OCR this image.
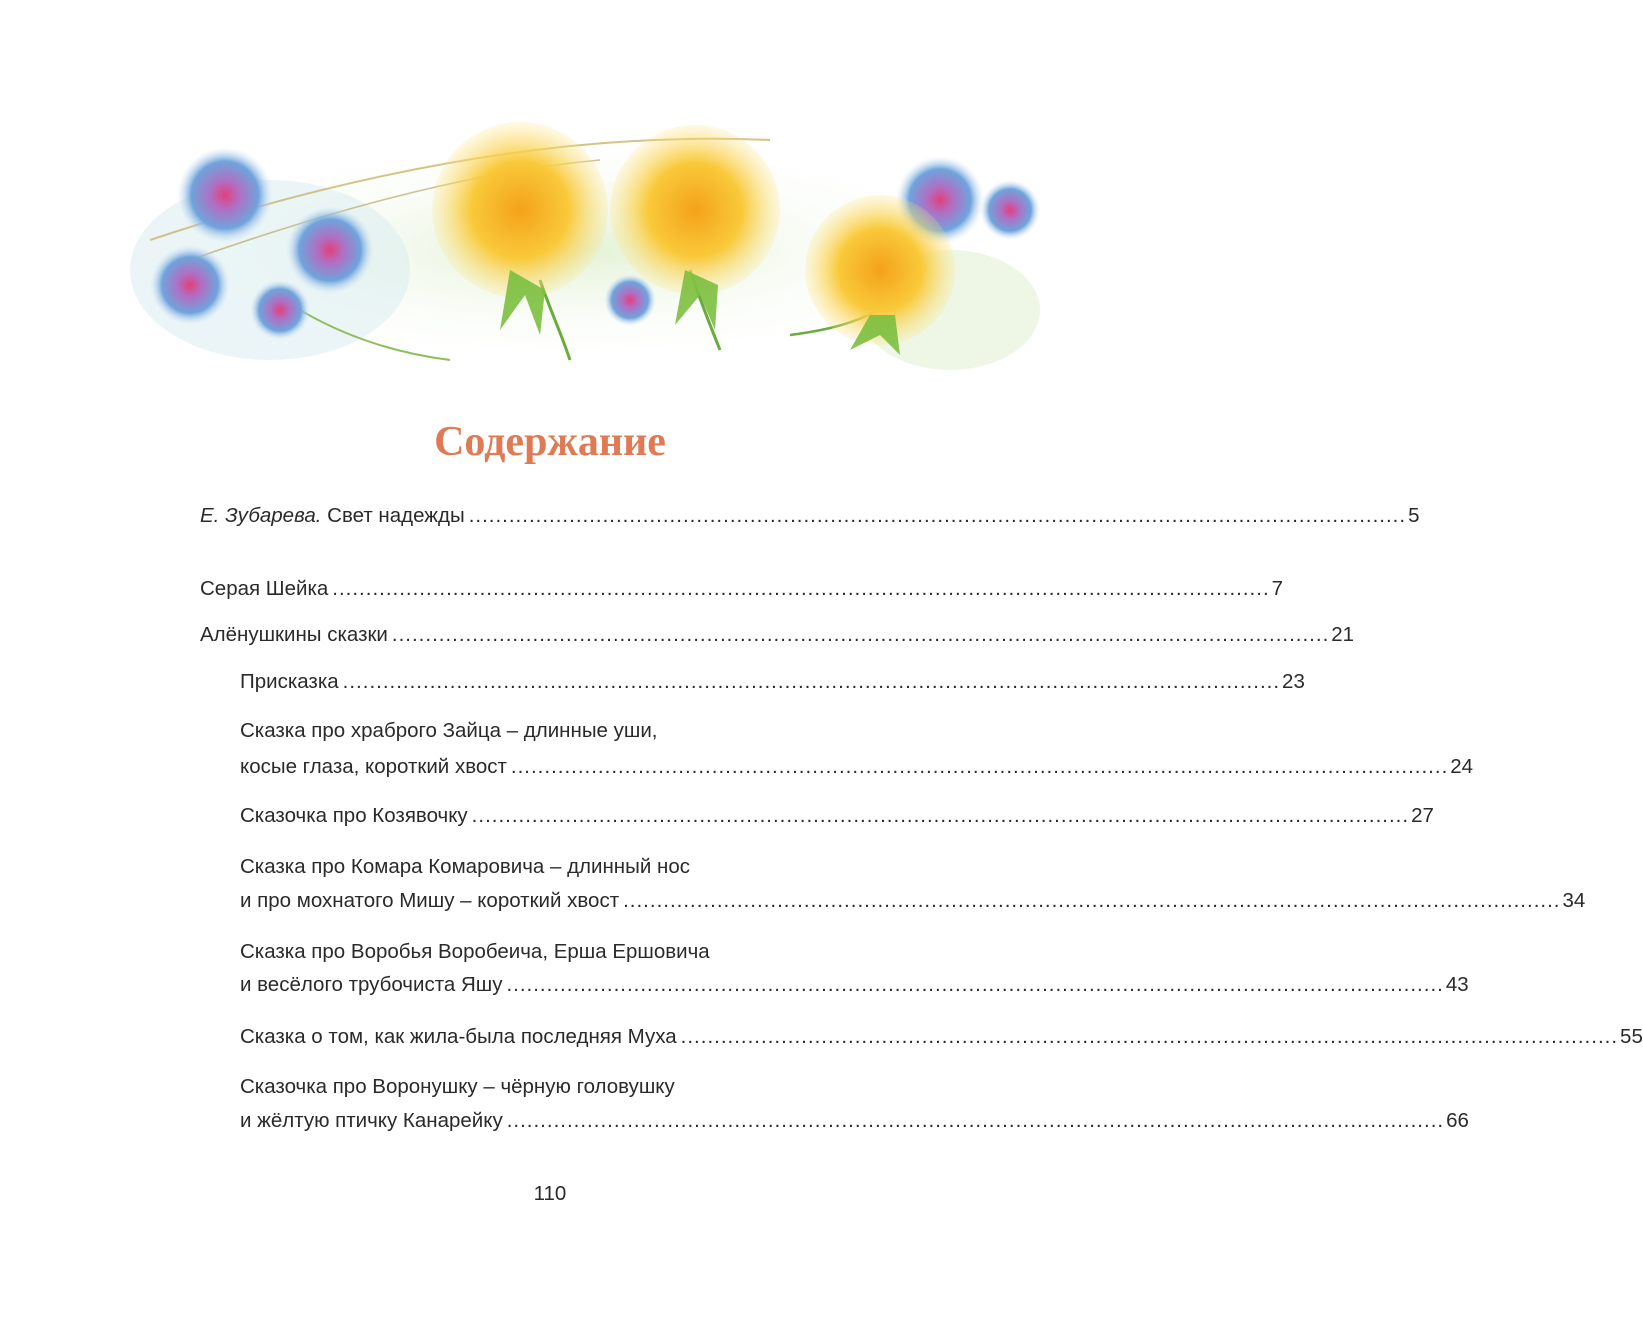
Содержание
Е. Зубарева. Свет надежды ............................................................................................................................................ 5
Серая Шейка ............................................................................................................................................ 7
Алёнушкины сказки ............................................................................................................................................ 21
Присказка ............................................................................................................................................ 23
Сказка про храброго Зайца – длинные уши,
косые глаза, короткий хвост ............................................................................................................................................ 24
Сказочка про Козявочку ............................................................................................................................................ 27
Сказка про Комара Комаровича – длинный нос
и про мохнатого Мишу – короткий хвост ............................................................................................................................................ 34
Сказка про Воробья Воробеича, Ерша Ершовича
и весёлого трубочиста Яшу ............................................................................................................................................ 43
Сказка о том, как жила-была последняя Муха ............................................................................................................................................ 55
Сказочка про Воронушку – чёрную головушку
и жёлтую птичку Канарейку ............................................................................................................................................ 66
110
